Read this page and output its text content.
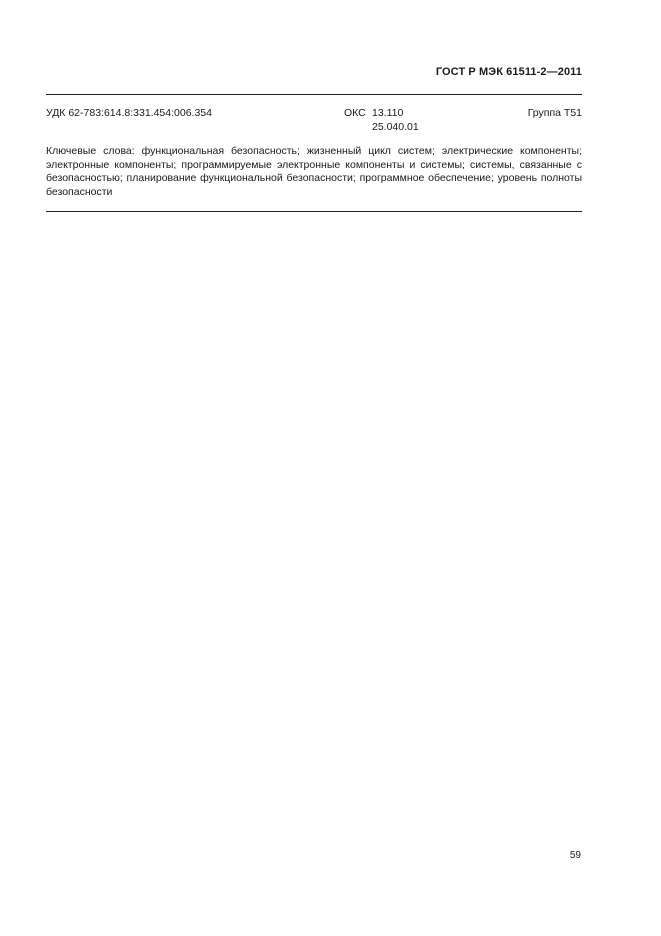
ГОСТ Р МЭК 61511-2—2011
УДК 62-783:614.8:331.454:006.354	ОКС 13.110
25.040.01
Группа Т51
Ключевые слова: функциональная безопасность; жизненный цикл систем; электрические компоненты; электронные компоненты; программируемые электронные компоненты и системы; системы, связанные с безопасностью; планирование функциональной безопасности; программное обеспечение; уровень полноты безопасности
59
